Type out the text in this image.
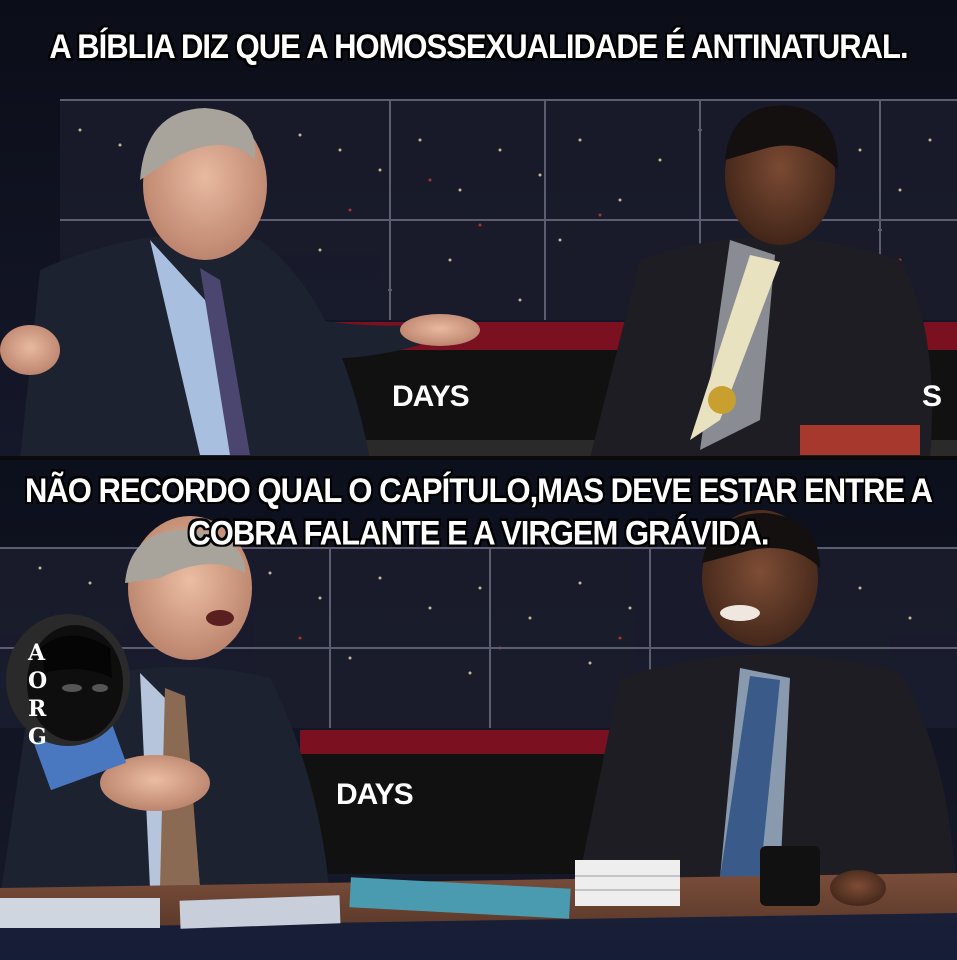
DAYS	S
DAYS
A
O
R
G
A BÍBLIA DIZ QUE A HOMOSSEXUALIDADE É ANTINATURAL.
NÃO RECORDO QUAL O CAPÍTULO,MAS DEVE ESTAR ENTRE A
COBRA FALANTE E A VIRGEM GRÁVIDA.
